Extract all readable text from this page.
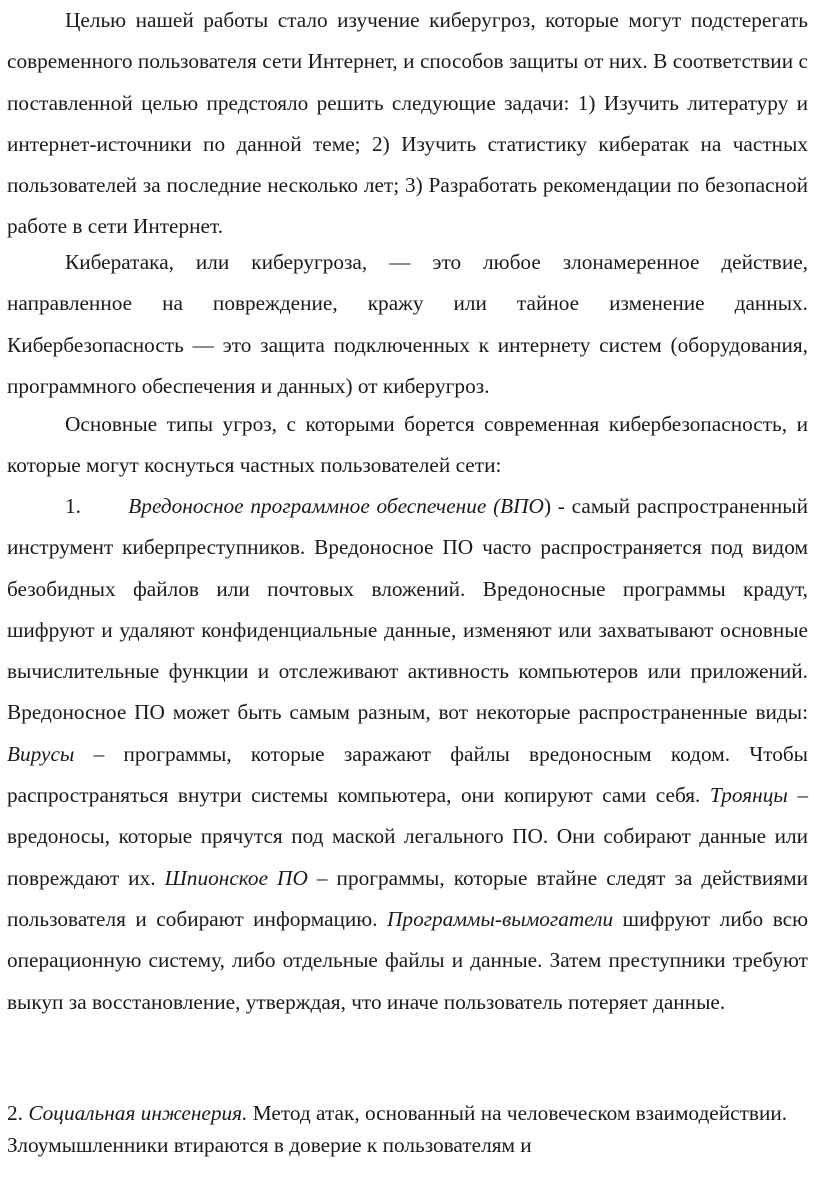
Целью нашей работы стало изучение киберугроз, которые могут подстерегать современного пользователя сети Интернет, и способов защиты от них. В соответствии с поставленной целью предстояло решить следующие задачи: 1) Изучить литературу и интернет-источники по данной теме; 2) Изучить статистику кибератак на частных пользователей за последние несколько лет; 3) Разработать рекомендации по безопасной работе в сети Интернет.

Кибератака, или киберугроза, — это любое злонамеренное действие, направленное на повреждение, кражу или тайное изменение данных. Кибербезопасность — это защита подключенных к интернету систем (оборудования, программного обеспечения и данных) от киберугроз.

Основные типы угроз, с которыми борется современная кибербезопасность, и которые могут коснуться частных пользователей сети:

1. Вредоносное программное обеспечение (ВПО) - самый распространенный инструмент киберпреступников. Вредоносное ПО часто распространяется под видом безобидных файлов или почтовых вложений. Вредоносные программы крадут, шифруют и удаляют конфиденциальные данные, изменяют или захватывают основные вычислительные функции и отслеживают активность компьютеров или приложений. Вредоносное ПО может быть самым разным, вот некоторые распространенные виды: Вирусы – программы, которые заражают файлы вредоносным кодом. Чтобы распространяться внутри системы компьютера, они копируют сами себя. Троянцы – вредоносы, которые прячутся под маской легального ПО. Они собирают данные или повреждают их. Шпионское ПО – программы, которые втайне следят за действиями пользователя и собирают информацию. Программы-вымогатели шифруют либо всю операционную систему, либо отдельные файлы и данные. Затем преступники требуют выкуп за восстановление, утверждая, что иначе пользователь потеряет данные.

2. Социальная инженерия. Метод атак, основанный на человеческом взаимодействии. Злоумышленники втираются в доверие к пользователям и
